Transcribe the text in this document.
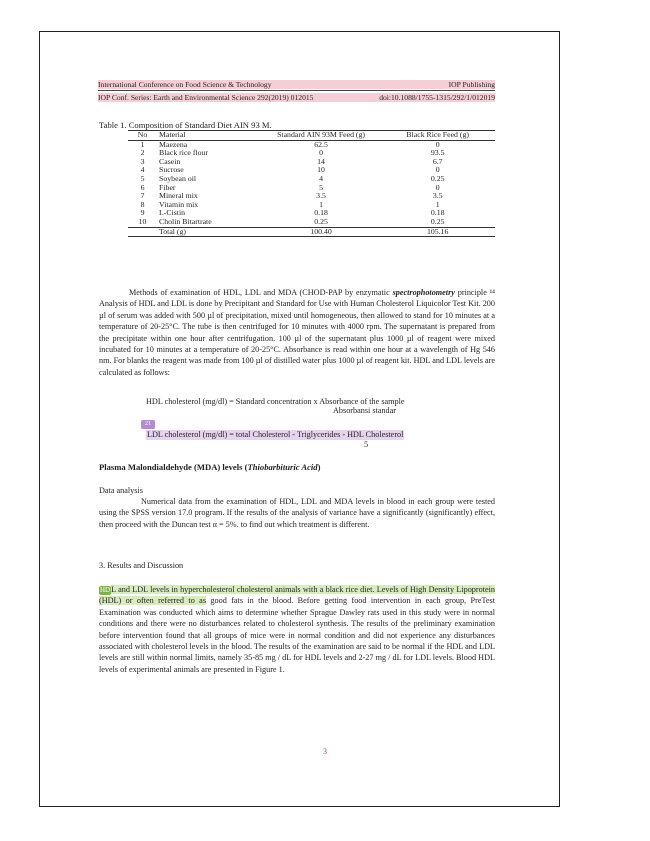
International Conference on Food Science & Technology	IOP Publishing
IOP Conf. Series: Earth and Environmental Science 292(2019) 012015	doi:10.1088/1755-1315/292/1/012019
Table 1. Composition of Standard Diet AIN 93 M.
No	Material	Standard AIN 93M Feed (g)	Black Rice Feed (g)
1	Maezena	62.5	0
2	Black rice flour	0	93.5
3	Casein	14	6.7
4	Sucrose	10	0
5	Soybean oil	4	0.25
6	Fiber	5	0
7	Mineral mix	3.5	3.5
8	Vitamin mix	1	1
9	L-Cistin	0.18	0.18
10	Cholin Bitartrate	0.25	0.25
	Total (g)	100.40	105.16

Methods of examination of HDL, LDL and MDA (CHOD-PAP by enzymatic spectrophotometry principle ¹⁴ Analysis of HDL and LDL is done by Precipitant and Standard for Use with Human Cholesterol Liquicolor Test Kit. 200 µl of serum was added with 500 µl of precipitation, mixed until homogeneous, then allowed to stand for 10 minutes at a temperature of 20-25°C. The tube is then centrifuged for 10 minutes with 4000 rpm. The supernatant is prepared from the precipitate within one hour after centrifugation. 100 µl of the supernatant plus 1000 µl of reagent were mixed incubated for 10 minutes at a temperature of 20-25°C. Absorbance is read within one hour at a wavelength of Hg 546 nm. For blanks the reagent was made from 100 µl of distilled water plus 1000 µl of reagent kit. HDL and LDL levels are calculated as follows:

HDL cholesterol (mg/dl) = Standard concentration x Absorbance of the sample
Absorbansi standar
21
LDL cholesterol (mg/dl) = total Cholesterol - Triglycerides - HDL Cholesterol
5
Plasma Malondialdehyde (MDA) levels (Thiobarbituric Acid)
Data analysis

Numerical data from the examination of HDL, LDL and MDA levels in blood in each group were tested using the SPSS version 17.0 program. If the results of the analysis of variance have a significantly (significantly) effect, then proceed with the Duncan test α = 5%. to find out which treatment is different.

3. Results and Discussion

HDL and LDL levels in hypercholesterol cholesterol animals with a black rice diet. Levels of High Density Lipoprotein (HDL) or often referred to as good fats in the blood. Before getting food intervention in each group, PreTest Examination was conducted which aims to determine whether Sprague Dawley rats used in this study were in normal conditions and there were no disturbances related to cholesterol synthesis. The results of the preliminary examination before intervention found that all groups of mice were in normal condition and did not experience any disturbances associated with cholesterol levels in the blood. The results of the examination are said to be normal if the HDL and LDL levels are still within normal limits, namely 35-85 mg / dL for HDL levels and 2-27 mg / dL for LDL levels. Blood HDL levels of experimental animals are presented in Figure 1.

3
